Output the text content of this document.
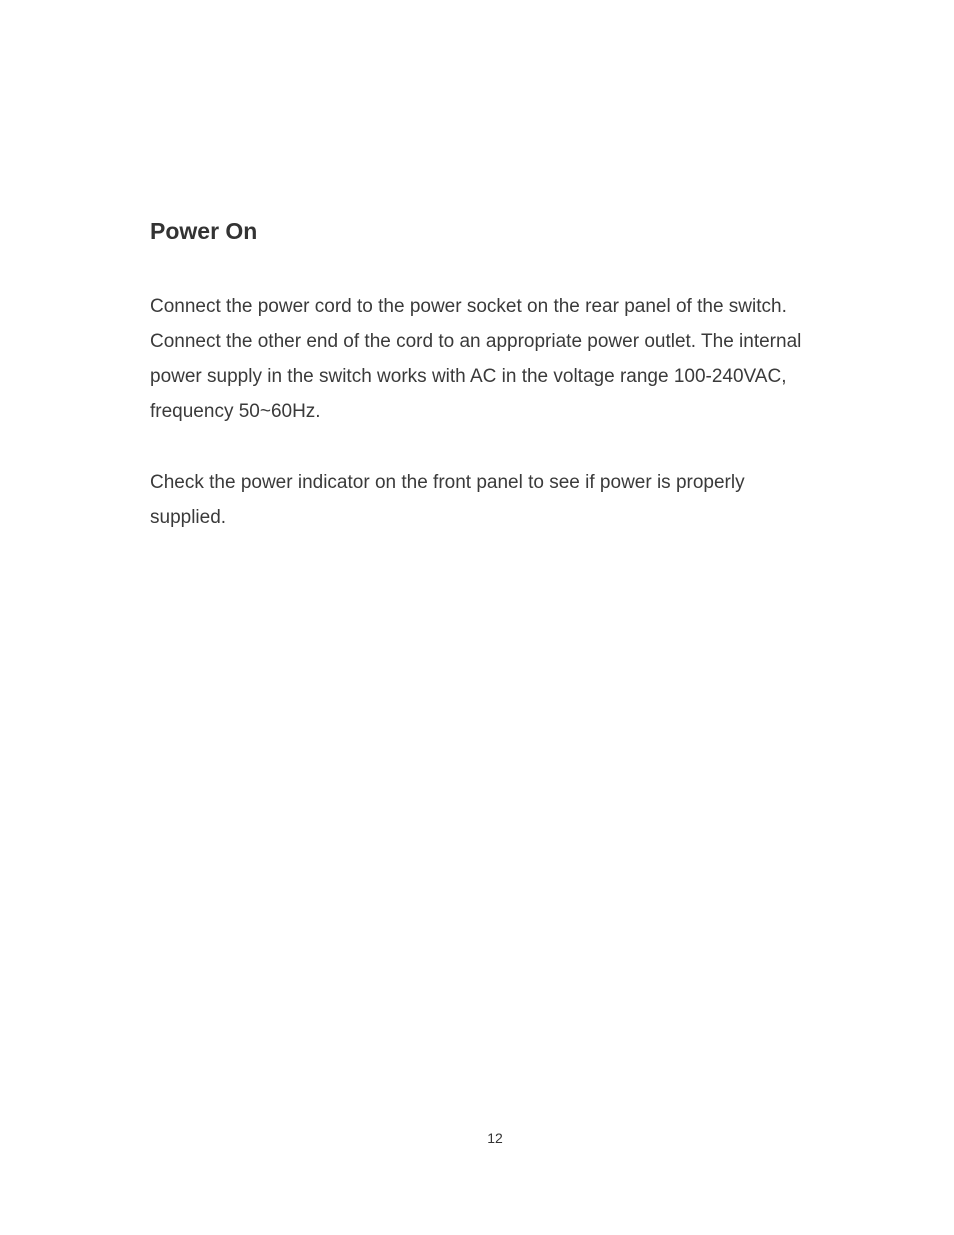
Power On

Connect the power cord to the power socket on the rear panel of the switch.
Connect the other end of the cord to an appropriate power outlet. The internal
power supply in the switch works with AC in the voltage range 100-240VAC,
frequency 50~60Hz.

Check the power indicator on the front panel to see if power is properly
supplied.

12
